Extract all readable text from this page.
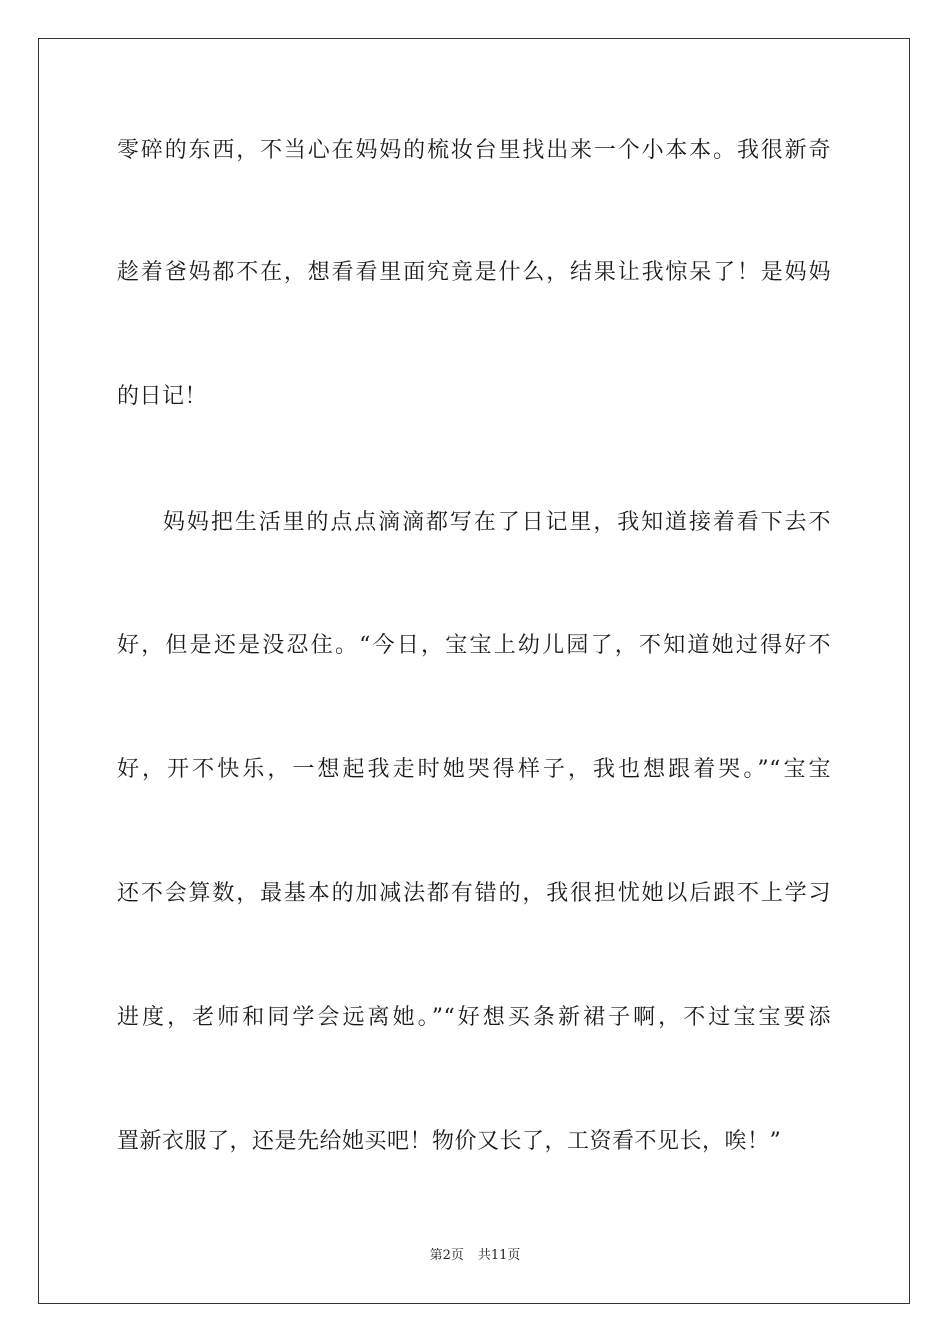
零碎的东西，不当心在妈妈的梳妆台里找出来一个小本本。我很新奇
趁着爸妈都不在，想看看里面究竟是什么，结果让我惊呆了！是妈妈
的日记！
妈妈把生活里的点点滴滴都写在了日记里，我知道接着看下去不
好，但是还是没忍住。“今日，宝宝上幼儿园了，不知道她过得好不
好，开不快乐，一想起我走时她哭得样子，我也想跟着哭。”“宝宝
还不会算数，最基本的加减法都有错的，我很担忧她以后跟不上学习
进度，老师和同学会远离她。”“好想买条新裙子啊，不过宝宝要添
置新衣服了，还是先给她买吧！物价又长了，工资看不见长，唉！”
第2页 共11页
